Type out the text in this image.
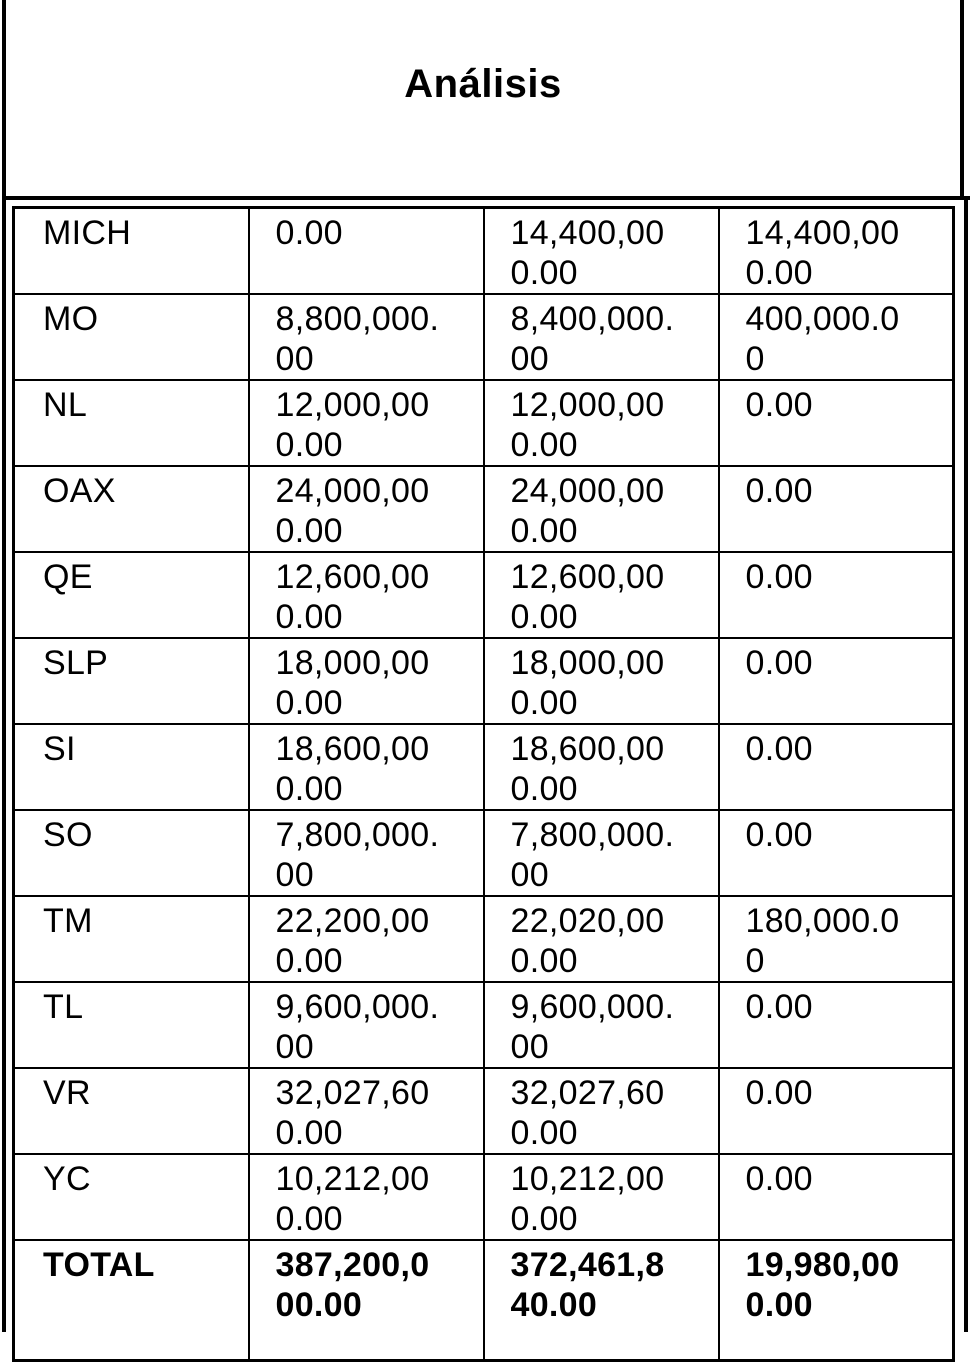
Análisis
MICH	0.00	14,400,000.00	14,400,000.00

MO	8,800,000.00	8,400,000.00	400,000.00

NL	12,000,000.00	12,000,000.00	0.00

OAX	24,000,000.00	24,000,000.00	0.00

QE	12,600,000.00	12,600,000.00	0.00

SLP	18,000,000.00	18,000,000.00	0.00

SI	18,600,000.00	18,600,000.00	0.00

SO	7,800,000.00	7,800,000.00	0.00

TM	22,200,000.00	22,020,000.00	180,000.00

TL	9,600,000.00	9,600,000.00	0.00

VR	32,027,600.00	32,027,600.00	0.00

YC	10,212,000.00	10,212,000.00	0.00

TOTAL	387,200,000.00	372,461,840.00	19,980,000.00
